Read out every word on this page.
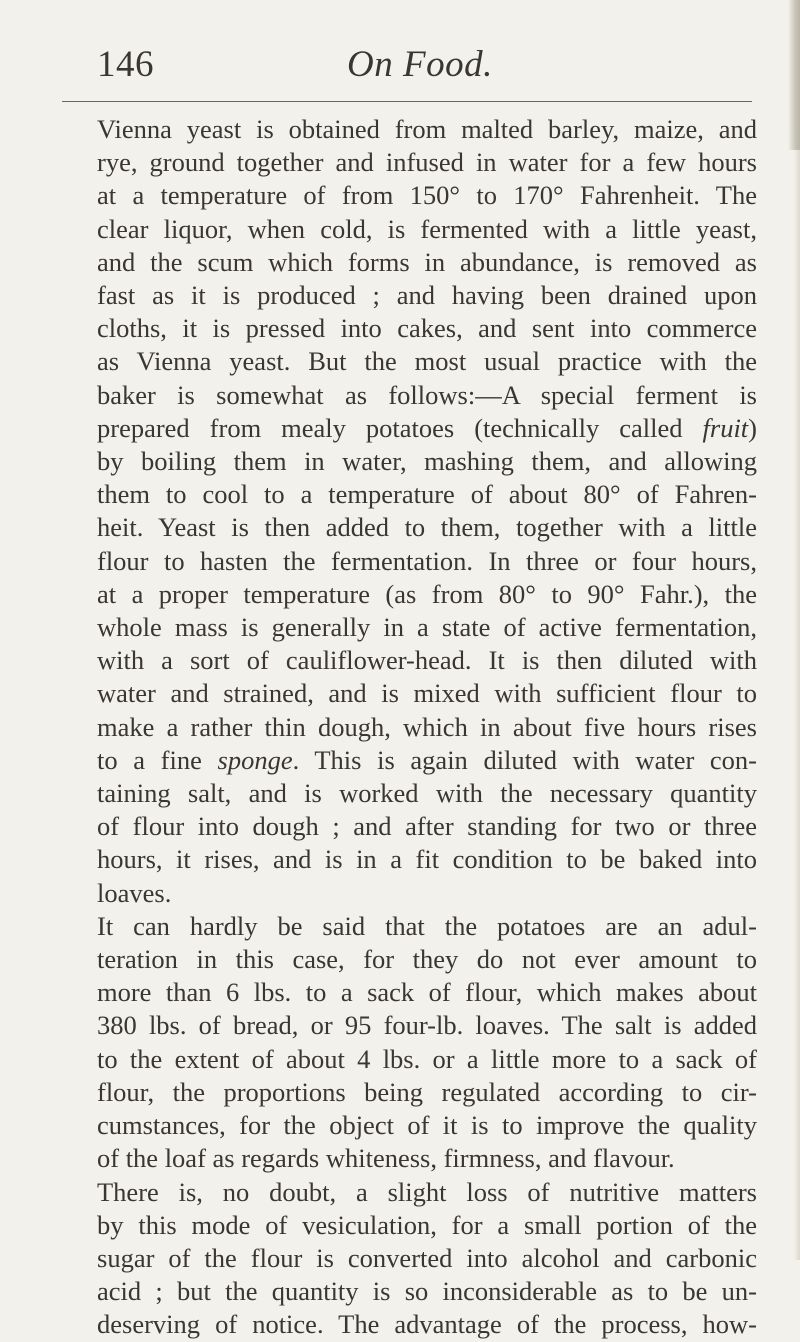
146	On Food.

Vienna yeast is obtained from malted barley, maize, and

rye, ground together and infused in water for a few hours

at a temperature of from 150° to 170° Fahrenheit. The

clear liquor, when cold, is fermented with a little yeast,

and the scum which forms in abundance, is removed as

fast as it is produced ; and having been drained upon

cloths, it is pressed into cakes, and sent into commerce

as Vienna yeast. But the most usual practice with the

baker is somewhat as follows:—A special ferment is

prepared from mealy potatoes (technically called fruit)

by boiling them in water, mashing them, and allowing

them to cool to a temperature of about 80° of Fahren-

heit. Yeast is then added to them, together with a little

flour to hasten the fermentation. In three or four hours,

at a proper temperature (as from 80° to 90° Fahr.), the

whole mass is generally in a state of active fermentation,

with a sort of cauliflower-head. It is then diluted with

water and strained, and is mixed with sufficient flour to

make a rather thin dough, which in about five hours rises

to a fine sponge. This is again diluted with water con-

taining salt, and is worked with the necessary quantity

of flour into dough ; and after standing for two or three

hours, it rises, and is in a fit condition to be baked into

loaves.

It can hardly be said that the potatoes are an adul-

teration in this case, for they do not ever amount to

more than 6 lbs. to a sack of flour, which makes about

380 lbs. of bread, or 95 four-lb. loaves. The salt is added

to the extent of about 4 lbs. or a little more to a sack of

flour, the proportions being regulated according to cir-

cumstances, for the object of it is to improve the quality

of the loaf as regards whiteness, firmness, and flavour.

There is, no doubt, a slight loss of nutritive matters

by this mode of vesiculation, for a small portion of the

sugar of the flour is converted into alcohol and carbonic

acid ; but the quantity is so inconsiderable as to be un-

deserving of notice. The advantage of the process, how-
